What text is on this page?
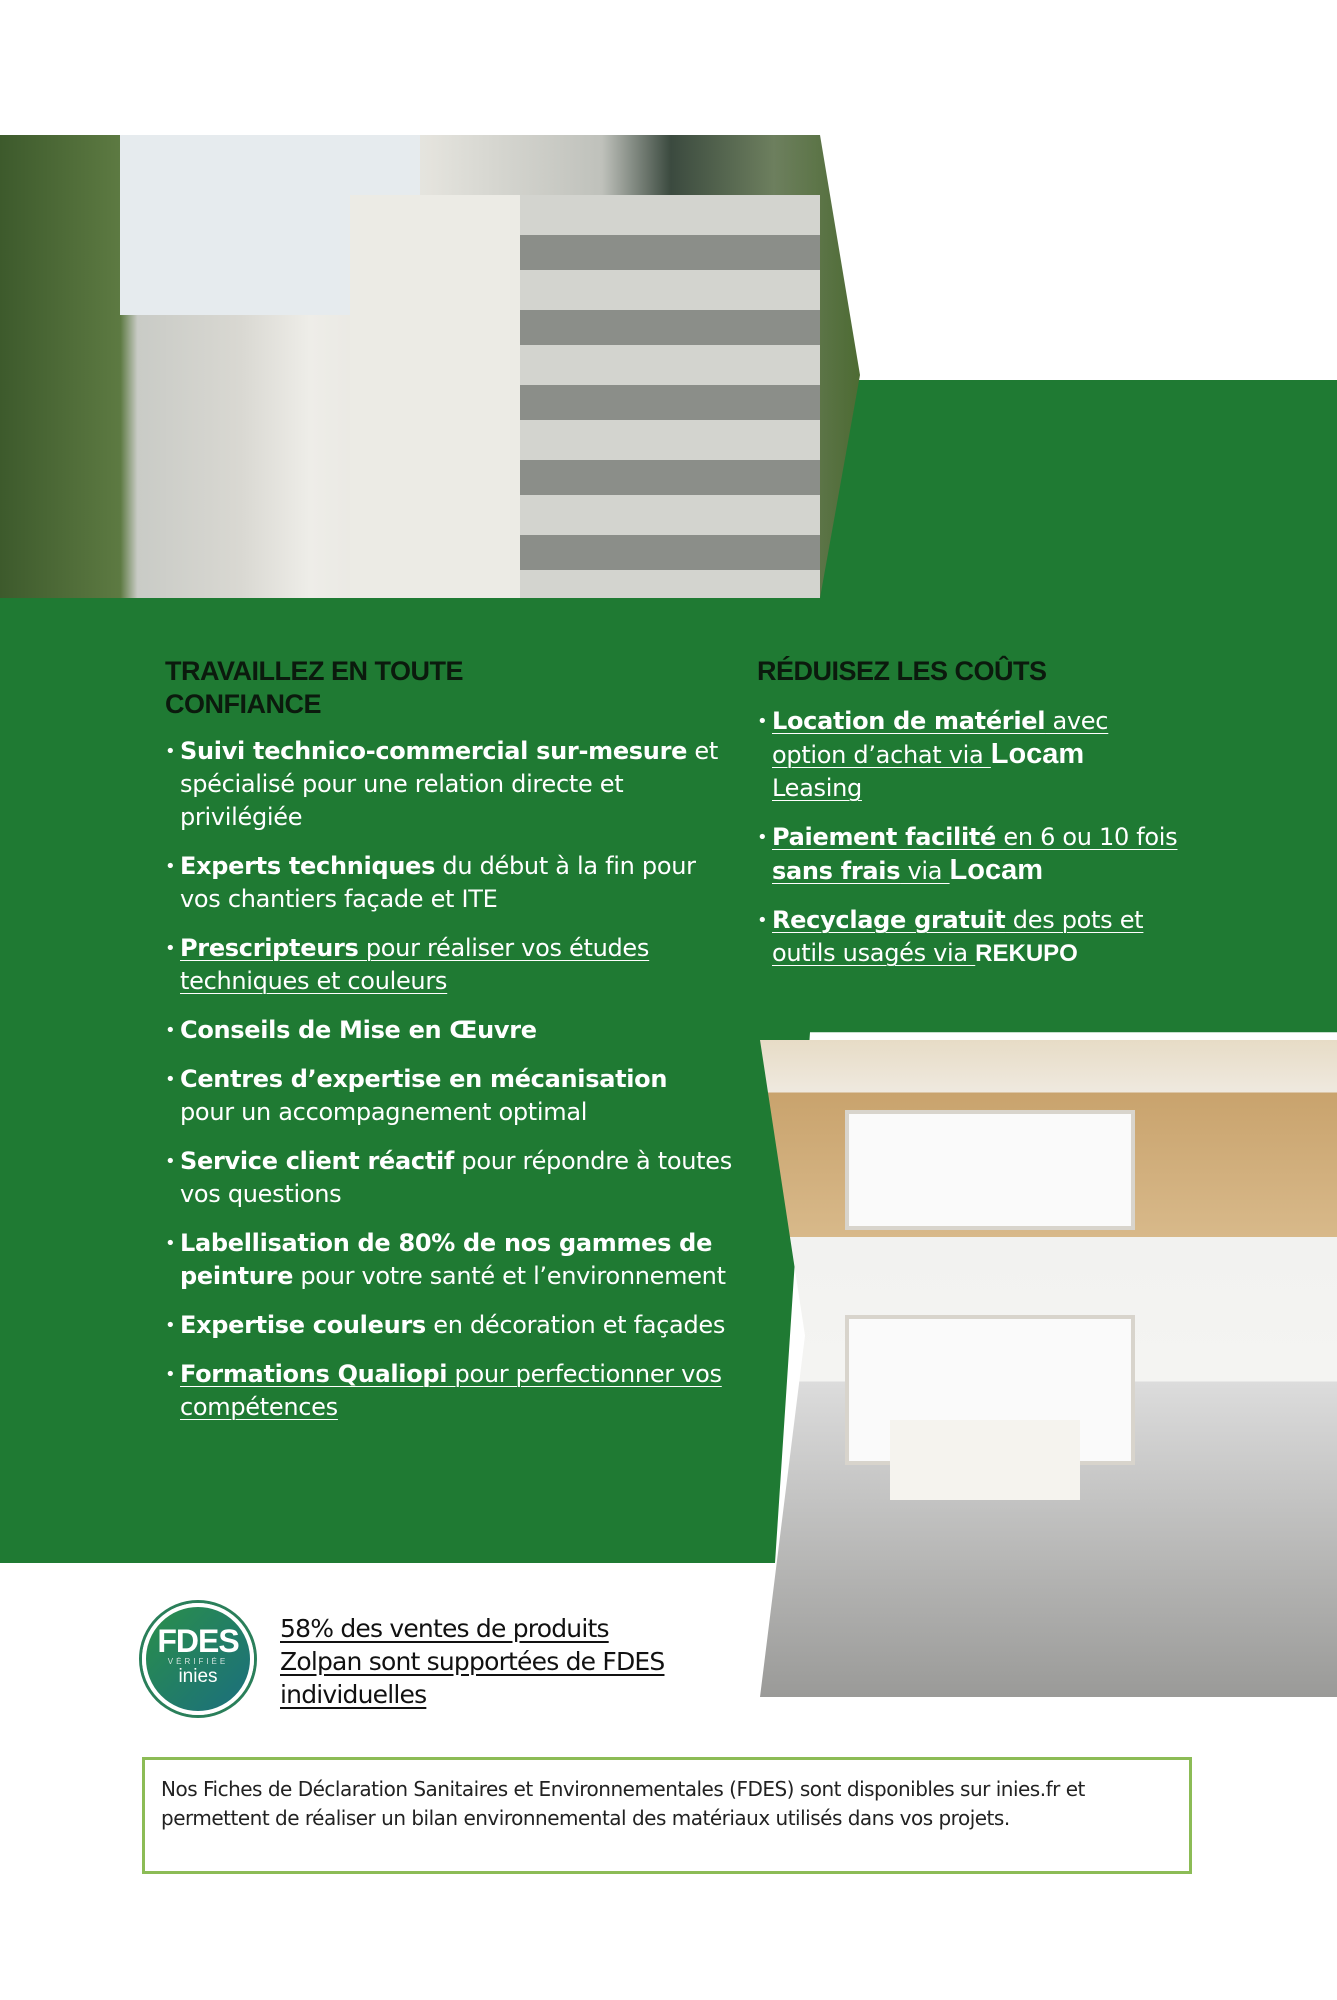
TRAVAILLEZ EN TOUTE CONFIANCE
• Suivi technico-commercial sur-mesure et spécialisé pour une relation directe et privilégiée
• Experts techniques du début à la fin pour vos chantiers façade et ITE
• Prescripteurs pour réaliser vos études techniques et couleurs
• Conseils de Mise en Œuvre
• Centres d’expertise en mécanisation
pour un accompagnement optimal
• Service client réactif pour répondre à toutes vos questions
• Labellisation de 80% de nos gammes de peinture pour votre santé et l’environnement
• Expertise couleurs en décoration et façades
• Formations Qualiopi pour perfectionner vos compétences
RÉDUISEZ LES COÛTS
• Location de matériel avec option d’achat via Locam
Leasing
• Paiement facilité en 6 ou 10 fois sans frais via Locam
• Recyclage gratuit des pots et outils usagés via REKUPO
FDES
VÉRIFIÉE
inies
58% des ventes de produits Zolpan sont supportées de FDES individuelles
Nos Fiches de Déclaration Sanitaires et Environnementales (FDES) sont disponibles sur inies.fr et permettent de réaliser un bilan environnemental des matériaux utilisés dans vos projets.
